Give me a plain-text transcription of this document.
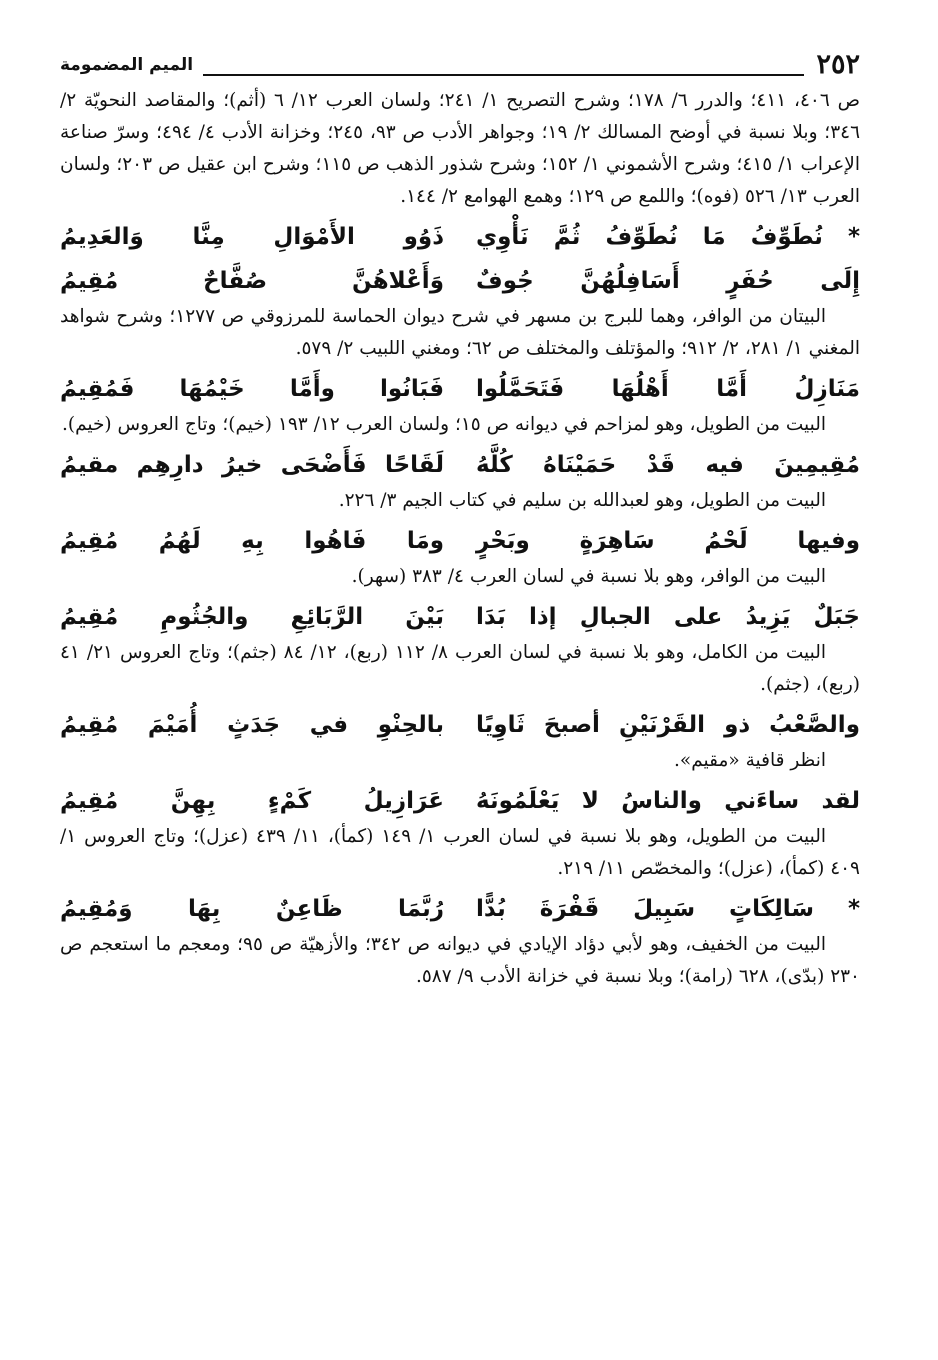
٢٥٢
الميم المضمومة

ص ٤٠٦، ٤١١؛ والدرر ٦/ ١٧٨؛ وشرح التصريح ١/ ٢٤١؛ ولسان العرب ١٢/ ٦ (أثم)؛ والمقاصد النحويّة ٢/ ٣٤٦؛ وبلا نسبة في أوضح المسالك ٢/ ١٩؛ وجواهر الأدب ص ٩٣، ٢٤٥؛ وخزانة الأدب ٤/ ٤٩٤؛ وسرّ صناعة الإعراب ١/ ٤١٥؛ وشرح الأشموني ١/ ١٥٢؛ وشرح شذور الذهب ص ١١٥؛ وشرح ابن عقيل ص ٢٠٣؛ ولسان العرب ١٣/ ٥٢٦ (فوه)؛ واللمع ص ١٢٩؛ وهمع الهوامع ٢/ ١٤٤.

* نُطَوِّفُ مَا نُطَوِّفُ ثُمَّ نَأْوِي
ذَوُو الأَمْوَالِ مِنَّا وَالعَدِيمُ
إِلَى حُفَرٍ أَسَافِلُهُنَّ جُوفٌ
وَأَعْلاهُنَّ صُفَّاحٌ مُقِيمُ

البيتان من الوافر، وهما للبرج بن مسهر في شرح ديوان الحماسة للمرزوقي ص ١٢٧٧؛ وشرح شواهد المغني ١/ ٢٨١، ٢/ ٩١٢؛ والمؤتلف والمختلف ص ٦٢؛ ومغني اللبيب ٢/ ٥٧٩.

مَنَازِلُ أَمَّا أَهْلُهَا فَتَحَمَّلُوا
فَبَانُوا وأَمَّا خَيْمُهَا فَمُقِيمُ

البيت من الطويل، وهو لمزاحم في ديوانه ص ١٥؛ ولسان العرب ١٢/ ١٩٣ (خيم)؛ وتاج العروس (خيم).

مُقِيمِينَ فيه قَدْ حَمَيْنَاهُ كُلَّهُ
لَقَاحًا فَأَضْحَى خيرُ دارِهِم مقيمُ

البيت من الطويل، وهو لعبدالله بن سليم في كتاب الجيم ٣/ ٢٢٦.

وفيها لَحْمُ سَاهِرَةٍ وبَحْرٍ
ومَا فَاهُوا بِهِ لَهُمُ مُقِيمُ

البيت من الوافر، وهو بلا نسبة في لسان العرب ٤/ ٣٨٣ (سهر).

جَبَلٌ يَزِيدُ على الجبالِ إذا بَدَا
بَيْنَ الرَّبَائِعِ والجُثُومِ مُقِيمُ

البيت من الكامل، وهو بلا نسبة في لسان العرب ٨/ ١١٢ (ربع)، ١٢/ ٨٤ (جثم)؛ وتاج العروس ٢١/ ٤١ (ربع)، (جثم).

والصَّعْبُ ذو القَرْنَيْنِ أصبحَ ثَاوِيًا
بالحِنْوِ في جَدَثٍ أُمَيْمَ مُقِيمُ

انظر قافية «مقيم».

لقد ساءَني والناسُ لا يَعْلَمُونَهُ
عَرَازِيلُ كَمْءٍ بِهِنَّ مُقِيمُ

البيت من الطويل، وهو بلا نسبة في لسان العرب ١/ ١٤٩ (كمأ)، ١١/ ٤٣٩ (عزل)؛ وتاج العروس ١/ ٤٠٩ (كمأ)، (عزل)؛ والمخصّص ١١/ ٢١٩.

* سَالِكَاتٍ سَبِيلَ قَفْرَةَ بُدًّا
رُبَّمَا ظَاعِنٌ بِهَا وَمُقِيمُ

البيت من الخفيف، وهو لأبي دؤاد الإيادي في ديوانه ص ٣٤٢؛ والأزهيّة ص ٩٥؛ ومعجم ما استعجم ص ٢٣٠ (بدّى)، ٦٢٨ (رامة)؛ وبلا نسبة في خزانة الأدب ٩/ ٥٨٧.
